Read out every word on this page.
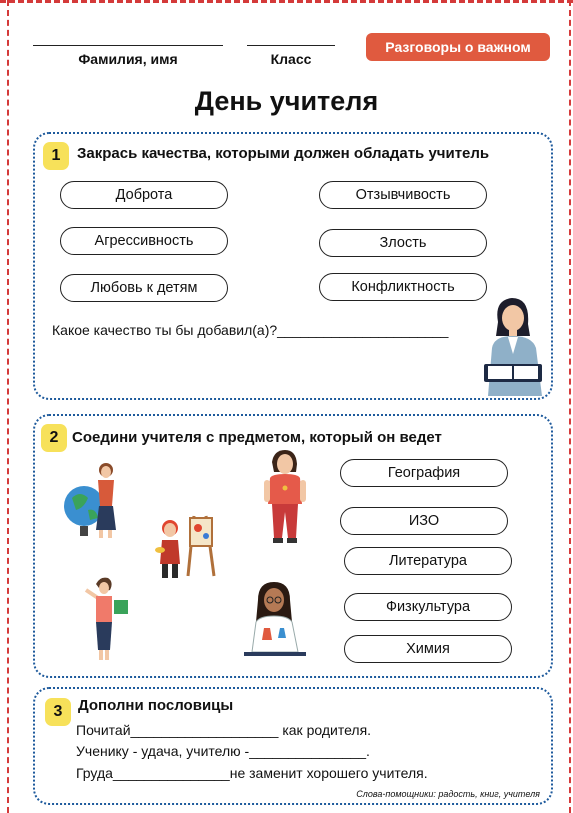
Фамилия, имя	Класс
Разговоры о важном
День учителя
1	Закрась качества, которыми должен обладать учитель
Доброта
Агрессивность
Любовь к детям
Отзывчивость
Злость
Конфликтность
Какое качество ты бы добавил(а)?______________________
2 Соедини учителя с предметом, который он ведет
География
ИЗО
Литература
Физкультура
Химия
3	Дополни пословицы
Почитай___________________ как родителя.
Ученику - удача, учителю -_______________.
Груда_______________не заменит хорошего учителя.
Слова-помощники: радость, книг, учителя
